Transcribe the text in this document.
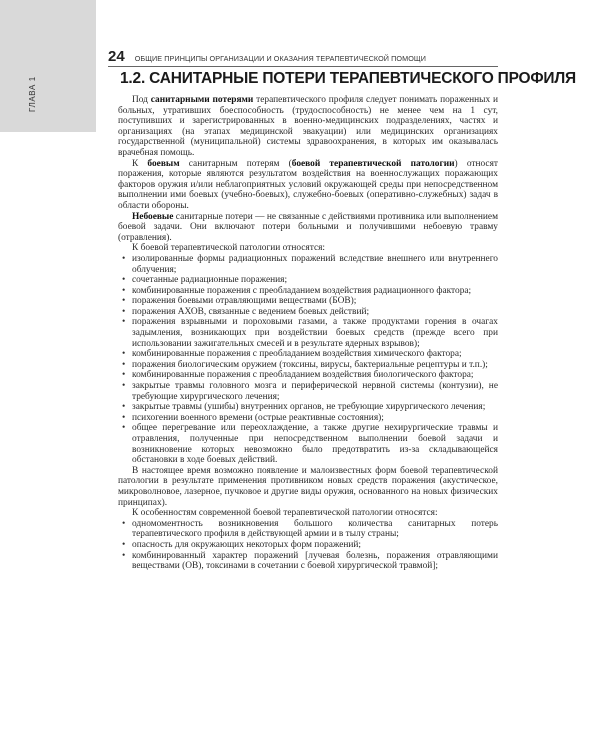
ГЛАВА 1
24 ОБЩИЕ ПРИНЦИПЫ ОРГАНИЗАЦИИ И ОКАЗАНИЯ ТЕРАПЕВТИЧЕСКОЙ ПОМОЩИ
1.2. САНИТАРНЫЕ ПОТЕРИ ТЕРАПЕВТИЧЕСКОГО ПРОФИЛЯ

Под санитарными потерями терапевтического профиля следует понимать пораженных и больных, утративших боеспособность (трудоспособность) не менее чем на 1 сут, поступивших и зарегистрированных в военно-медицинских подразделениях, частях и организациях (на этапах медицинской эвакуации) или медицинских организациях государственной (муниципальной) системы здравоохранения, в которых им оказывалась врачебная помощь.

К боевым санитарным потерям (боевой терапевтической патологии) относят поражения, которые являются результатом воздействия на военнослужащих поражающих факторов оружия и/или неблагоприятных условий окружающей среды при непосредственном выполнении ими боевых (учебно-боевых), служебно-боевых (оперативно-служебных) задач в области обороны.

Небоевые санитарные потери — не связанные с действиями противника или выполнением боевой задачи. Они включают потери больными и получившими небоевую травму (отравления).

К боевой терапевтической патологии относятся:

• изолированные формы радиационных поражений вследствие внешнего или внутреннего облучения;
• сочетанные радиационные поражения;
• комбинированные поражения с преобладанием воздействия радиационного фактора;
• поражения боевыми отравляющими веществами (БОВ);
• поражения АХОВ, связанные с ведением боевых действий;
• поражения взрывными и пороховыми газами, а также продуктами горения в очагах задымления, возникающих при воздействии боевых средств (прежде всего при использовании зажигательных смесей и в результате ядерных взрывов);
• комбинированные поражения с преобладанием воздействия химического фактора;
• поражения биологическим оружием (токсины, вирусы, бактериальные рецептуры и т.п.);
• комбинированные поражения с преобладанием воздействия биологического фактора;
• закрытые травмы головного мозга и периферической нервной системы (контузии), не требующие хирургического лечения;
• закрытые травмы (ушибы) внутренних органов, не требующие хирургического лечения;
• психогении военного времени (острые реактивные состояния);
• общее перегревание или переохлаждение, а также другие нехирургические травмы и отравления, полученные при непосредственном выполнении боевой задачи и возникновение которых невозможно было предотвратить из-за складывающейся обстановки в ходе боевых действий.

В настоящее время возможно появление и малоизвестных форм боевой терапевтической патологии в результате применения противником новых средств поражения (акустическое, микроволновое, лазерное, пучковое и другие виды оружия, основанного на новых физических принципах).

К особенностям современной боевой терапевтической патологии относятся:

• одномоментность возникновения большого количества санитарных потерь терапевтического профиля в действующей армии и в тылу страны;
• опасность для окружающих некоторых форм поражений;
• комбинированный характер поражений [лучевая болезнь, поражения отравляющими веществами (ОВ), токсинами в сочетании с боевой хирургической травмой];
